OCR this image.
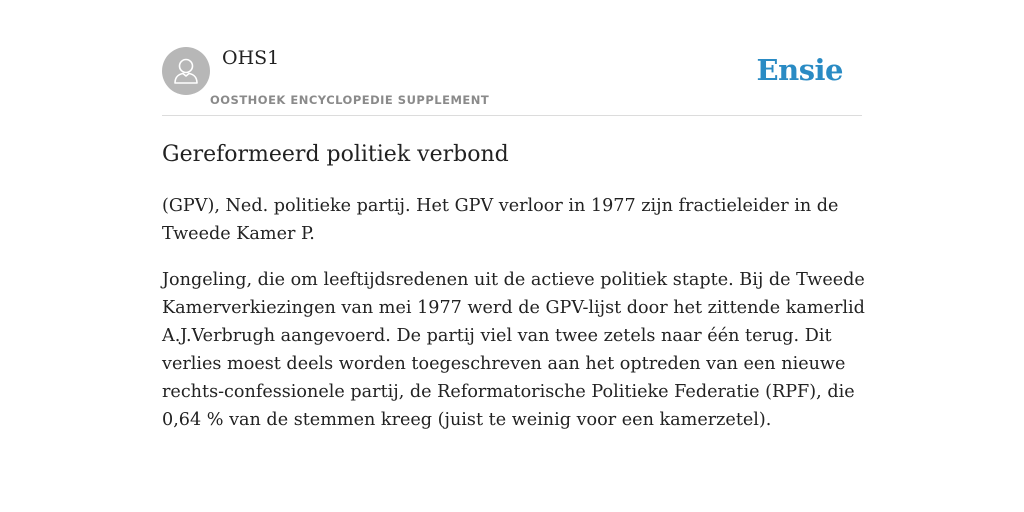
OHS1
OOSTHOEK ENCYCLOPEDIE SUPPLEMENT
Ensie
Gereformeerd politiek verbond

(GPV), Ned. politieke partij. Het GPV verloor in 1977 zijn fractieleider in de Tweede Kamer P.

Jongeling, die om leeftijdsredenen uit de actieve politiek stapte. Bij de Tweede Kamerverkiezingen van mei 1977 werd de GPV-lijst door het zittende kamerlid A.J.Verbrugh aangevoerd. De partij viel van twee zetels naar één terug. Dit verlies moest deels worden toegeschreven aan het optreden van een nieuwe rechts-confessionele partij, de Reformatorische Politieke Federatie (RPF), die 0,64 % van de stemmen kreeg (juist te weinig voor een kamerzetel).
